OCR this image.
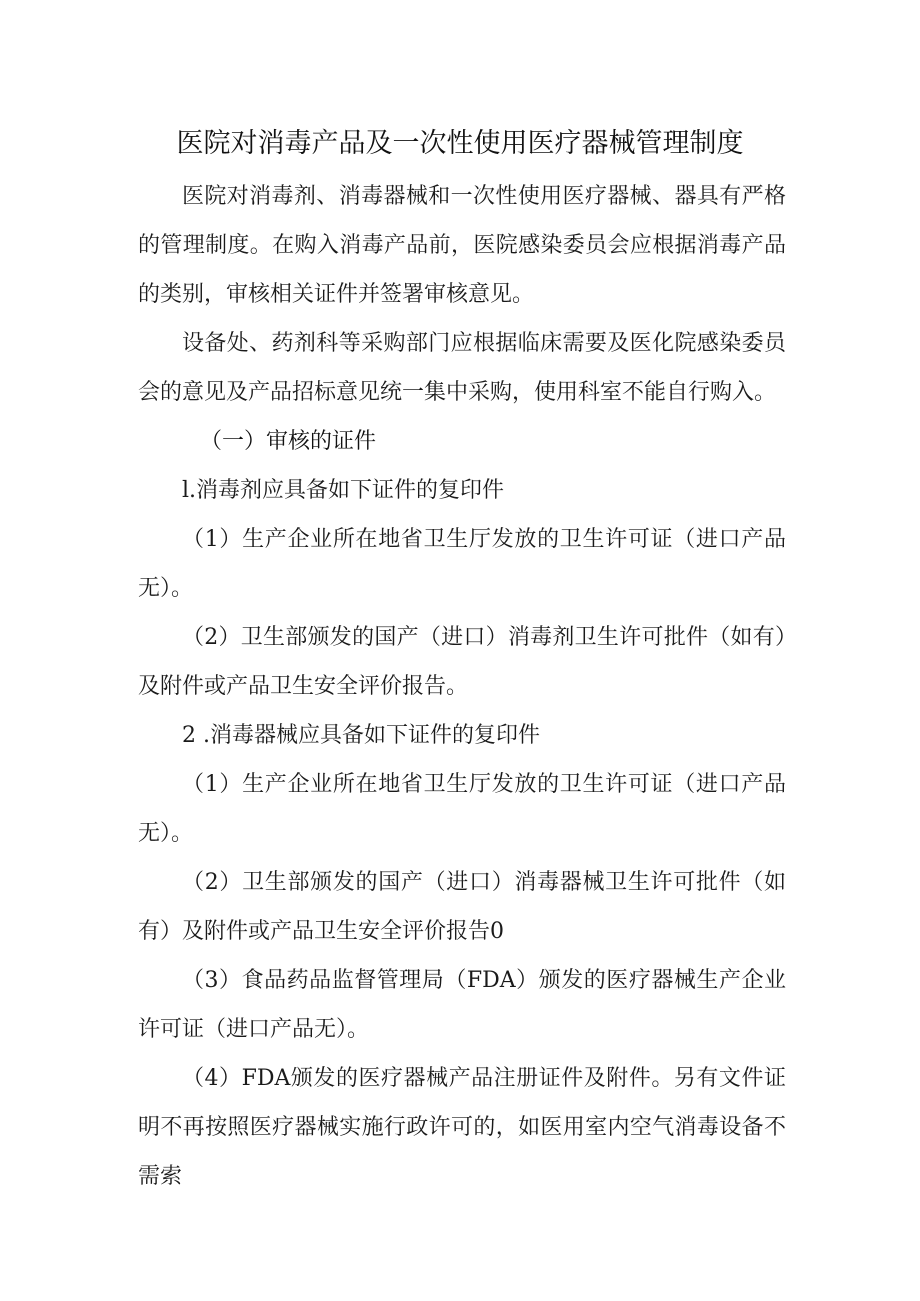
医院对消毒产品及一次性使用医疗器械管理制度

医院对消毒剂、消毒器械和一次性使用医疗器械、器具有严格的管理制度。在购入消毒产品前，医院感染委员会应根据消毒产品的类别，审核相关证件并签署审核意见。

设备处、药剂科等采购部门应根据临床需要及医化院感染委员会的意见及产品招标意见统一集中采购，使用科室不能自行购入。

（一）审核的证件
l.消毒剂应具备如下证件的复印件

（1）生产企业所在地省卫生厅发放的卫生许可证（进口产品无）。

（2）卫生部颁发的国产（进口）消毒剂卫生许可批件（如有）及附件或产品卫生安全评价报告。

2 .消毒器械应具备如下证件的复印件

（1）生产企业所在地省卫生厅发放的卫生许可证（进口产品无）。

（2）卫生部颁发的国产（进口）消毒器械卫生许可批件（如有）及附件或产品卫生安全评价报告0

（3）食品药品监督管理局（FDA）颁发的医疗器械生产企业许可证（进口产品无）。

（4）FDA颁发的医疗器械产品注册证件及附件。另有文件证明不再按照医疗器械实施行政许可的，如医用室内空气消毒设备不需索
